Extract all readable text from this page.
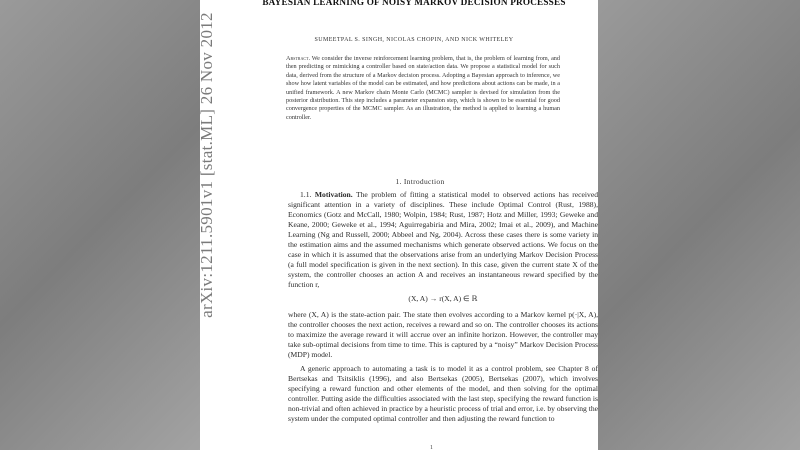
BAYESIAN LEARNING OF NOISY MARKOV DECISION PROCESSES
SUMEETPAL S. SINGH, NICOLAS CHOPIN, AND NICK WHITELEY
Abstract. We consider the inverse reinforcement learning problem, that is, the problem of learning from, and then predicting or mimicking a controller based on state/action data. We propose a statistical model for such data, derived from the structure of a Markov decision process. Adopting a Bayesian approach to inference, we show how latent variables of the model can be estimated, and how predictions about actions can be made, in a unified framework. A new Markov chain Monte Carlo (MCMC) sampler is devised for simulation from the posterior distribution. This step includes a parameter expansion step, which is shown to be essential for good convergence properties of the MCMC sampler. As an illustration, the method is applied to learning a human controller.
1. Introduction

1.1. Motivation. The problem of fitting a statistical model to observed actions has received significant attention in a variety of disciplines. These include Optimal Control (Rust, 1988), Economics (Gotz and McCall, 1980; Wolpin, 1984; Rust, 1987; Hotz and Miller, 1993; Geweke and Keane, 2000; Geweke et al., 1994; Aguirregabiria and Mira, 2002; Imai et al., 2009), and Machine Learning (Ng and Russell, 2000; Abbeel and Ng, 2004). Across these cases there is some variety in the estimation aims and the assumed mechanisms which generate observed actions. We focus on the case in which it is assumed that the observations arise from an underlying Markov Decision Process (a full model specification is given in the next section). In this case, given the current state X of the system, the controller chooses an action A and receives an instantaneous reward specified by the function r,

(X, A) → r(X, A) ∈ ℝ

where (X, A) is the state-action pair. The state then evolves according to a Markov kernel p(·|X, A), the controller chooses the next action, receives a reward and so on. The controller chooses its actions to maximize the average reward it will accrue over an infinite horizon. However, the controller may take sub-optimal decisions from time to time. This is captured by a “noisy” Markov Decision Process (MDP) model.

A generic approach to automating a task is to model it as a control problem, see Chapter 8 of Bertsekas and Tsitsiklis (1996), and also Bertsekas (2005), Bertsekas (2007), which involves specifying a reward function and other elements of the model, and then solving for the optimal controller. Putting aside the difficulties associated with the last step, specifying the reward function is non-trivial and often achieved in practice by a heuristic process of trial and error, i.e. by observing the system under the computed optimal controller and then adjusting the reward function to

1
arXiv:1211.5901v1 [stat.ML] 26 Nov 2012
